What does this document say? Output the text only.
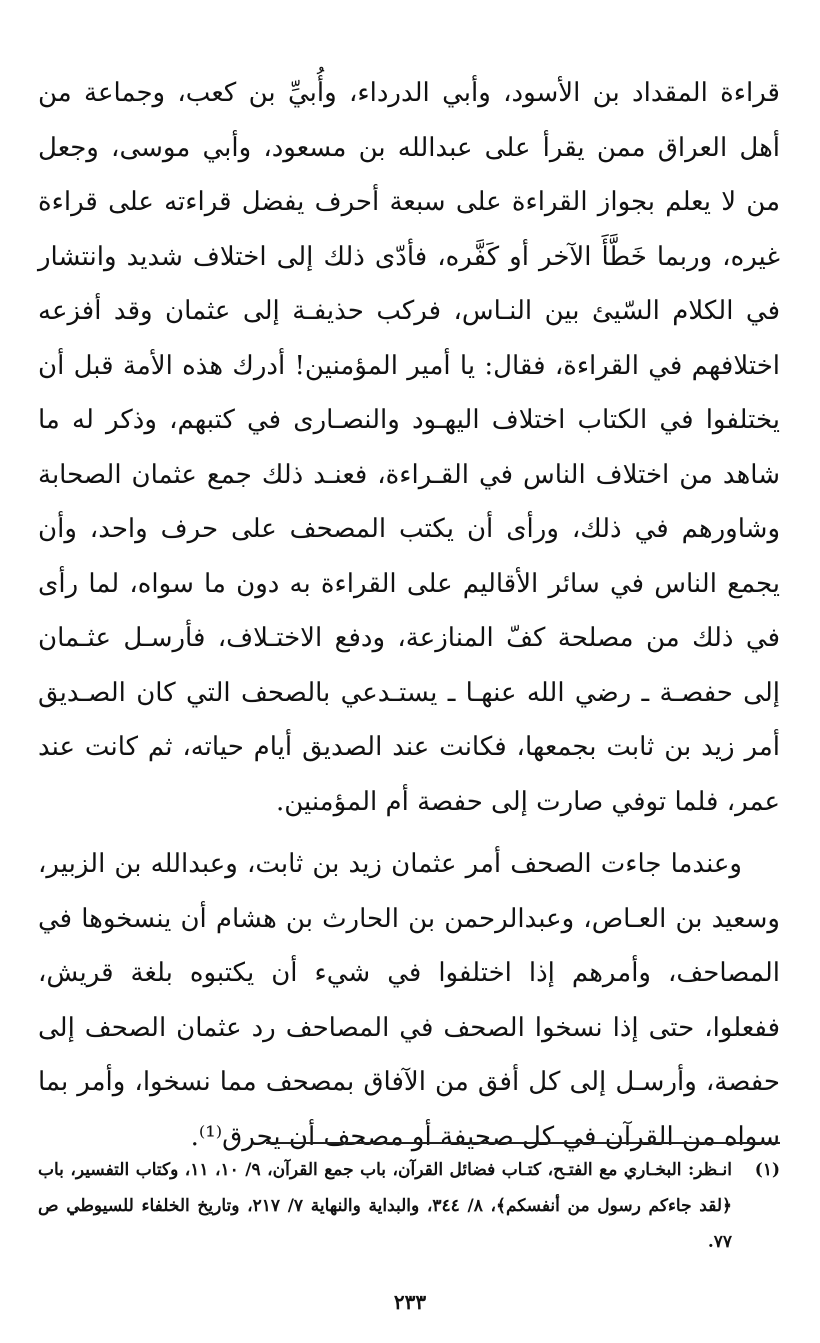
قراءة المقداد بن الأسود، وأبي الدرداء، وأُبيِّ بن كعب، وجماعة من أهل العراق ممن يقرأ على عبدالله بن مسعود، وأبي موسى، وجعل من لا يعلم بجواز القراءة على سبعة أحرف يفضل قراءته على قراءة غيره، وربما خَطَّأَ الآخر أو كَفَّره، فأدّى ذلك إلى اختلاف شديد وانتشار في الكلام السّيئ بين النـاس، فركب حذيفـة إلى عثمان وقد أفزعه اختلافهم في القراءة، فقال: يا أمير المؤمنين! أدرك هذه الأمة قبل أن يختلفوا في الكتاب اختلاف اليهـود والنصـارى في كتبهم، وذكر له ما شاهد من اختلاف الناس في القـراءة، فعنـد ذلك جمع عثمان الصحابة وشاورهم في ذلك، ورأى أن يكتب المصحف على حرف واحد، وأن يجمع الناس في سائر الأقاليم على القراءة به دون ما سواه، لما رأى في ذلك من مصلحة كفّ المنازعة، ودفع الاختـلاف، فأرسـل عثـمان إلى حفصـة ـ رضي الله عنهـا ـ يستـدعي بالصحف التي كان الصـديق أمر زيد بن ثابت بجمعها، فكانت عند الصديق أيام حياته، ثم كانت عند عمر، فلما توفي صارت إلى حفصة أم المؤمنين.

وعندما جاءت الصحف أمر عثمان زيد بن ثابت، وعبدالله بن الزبير، وسعيد بن العـاص، وعبدالرحمن بن الحارث بن هشام أن ينسخوها في المصاحف، وأمرهم إذا اختلفوا في شيء أن يكتبوه بلغة قريش، ففعلوا، حتى إذا نسخوا الصحف في المصاحف رد عثمان الصحف إلى حفصة، وأرسـل إلى كل أفق من الآفاق بمصحف مما نسخوا، وأمر بما سواه من القرآن في كل صحيفة أو مصحف أن يحرق⁽¹⁾.

(١)
انـظر: البخـاري مع الفتـح، كتـاب فضائل القرآن، باب جمع القرآن، ٩/ ١٠، ١١، وكتاب التفسير، باب ﴿لقد جاءكم رسول من أنفسكم﴾، ٨/ ٣٤٤، والبداية والنهاية ٧/ ٢١٧، وتاريخ الخلفاء للسيوطي ص ٧٧.
٢٣٣
